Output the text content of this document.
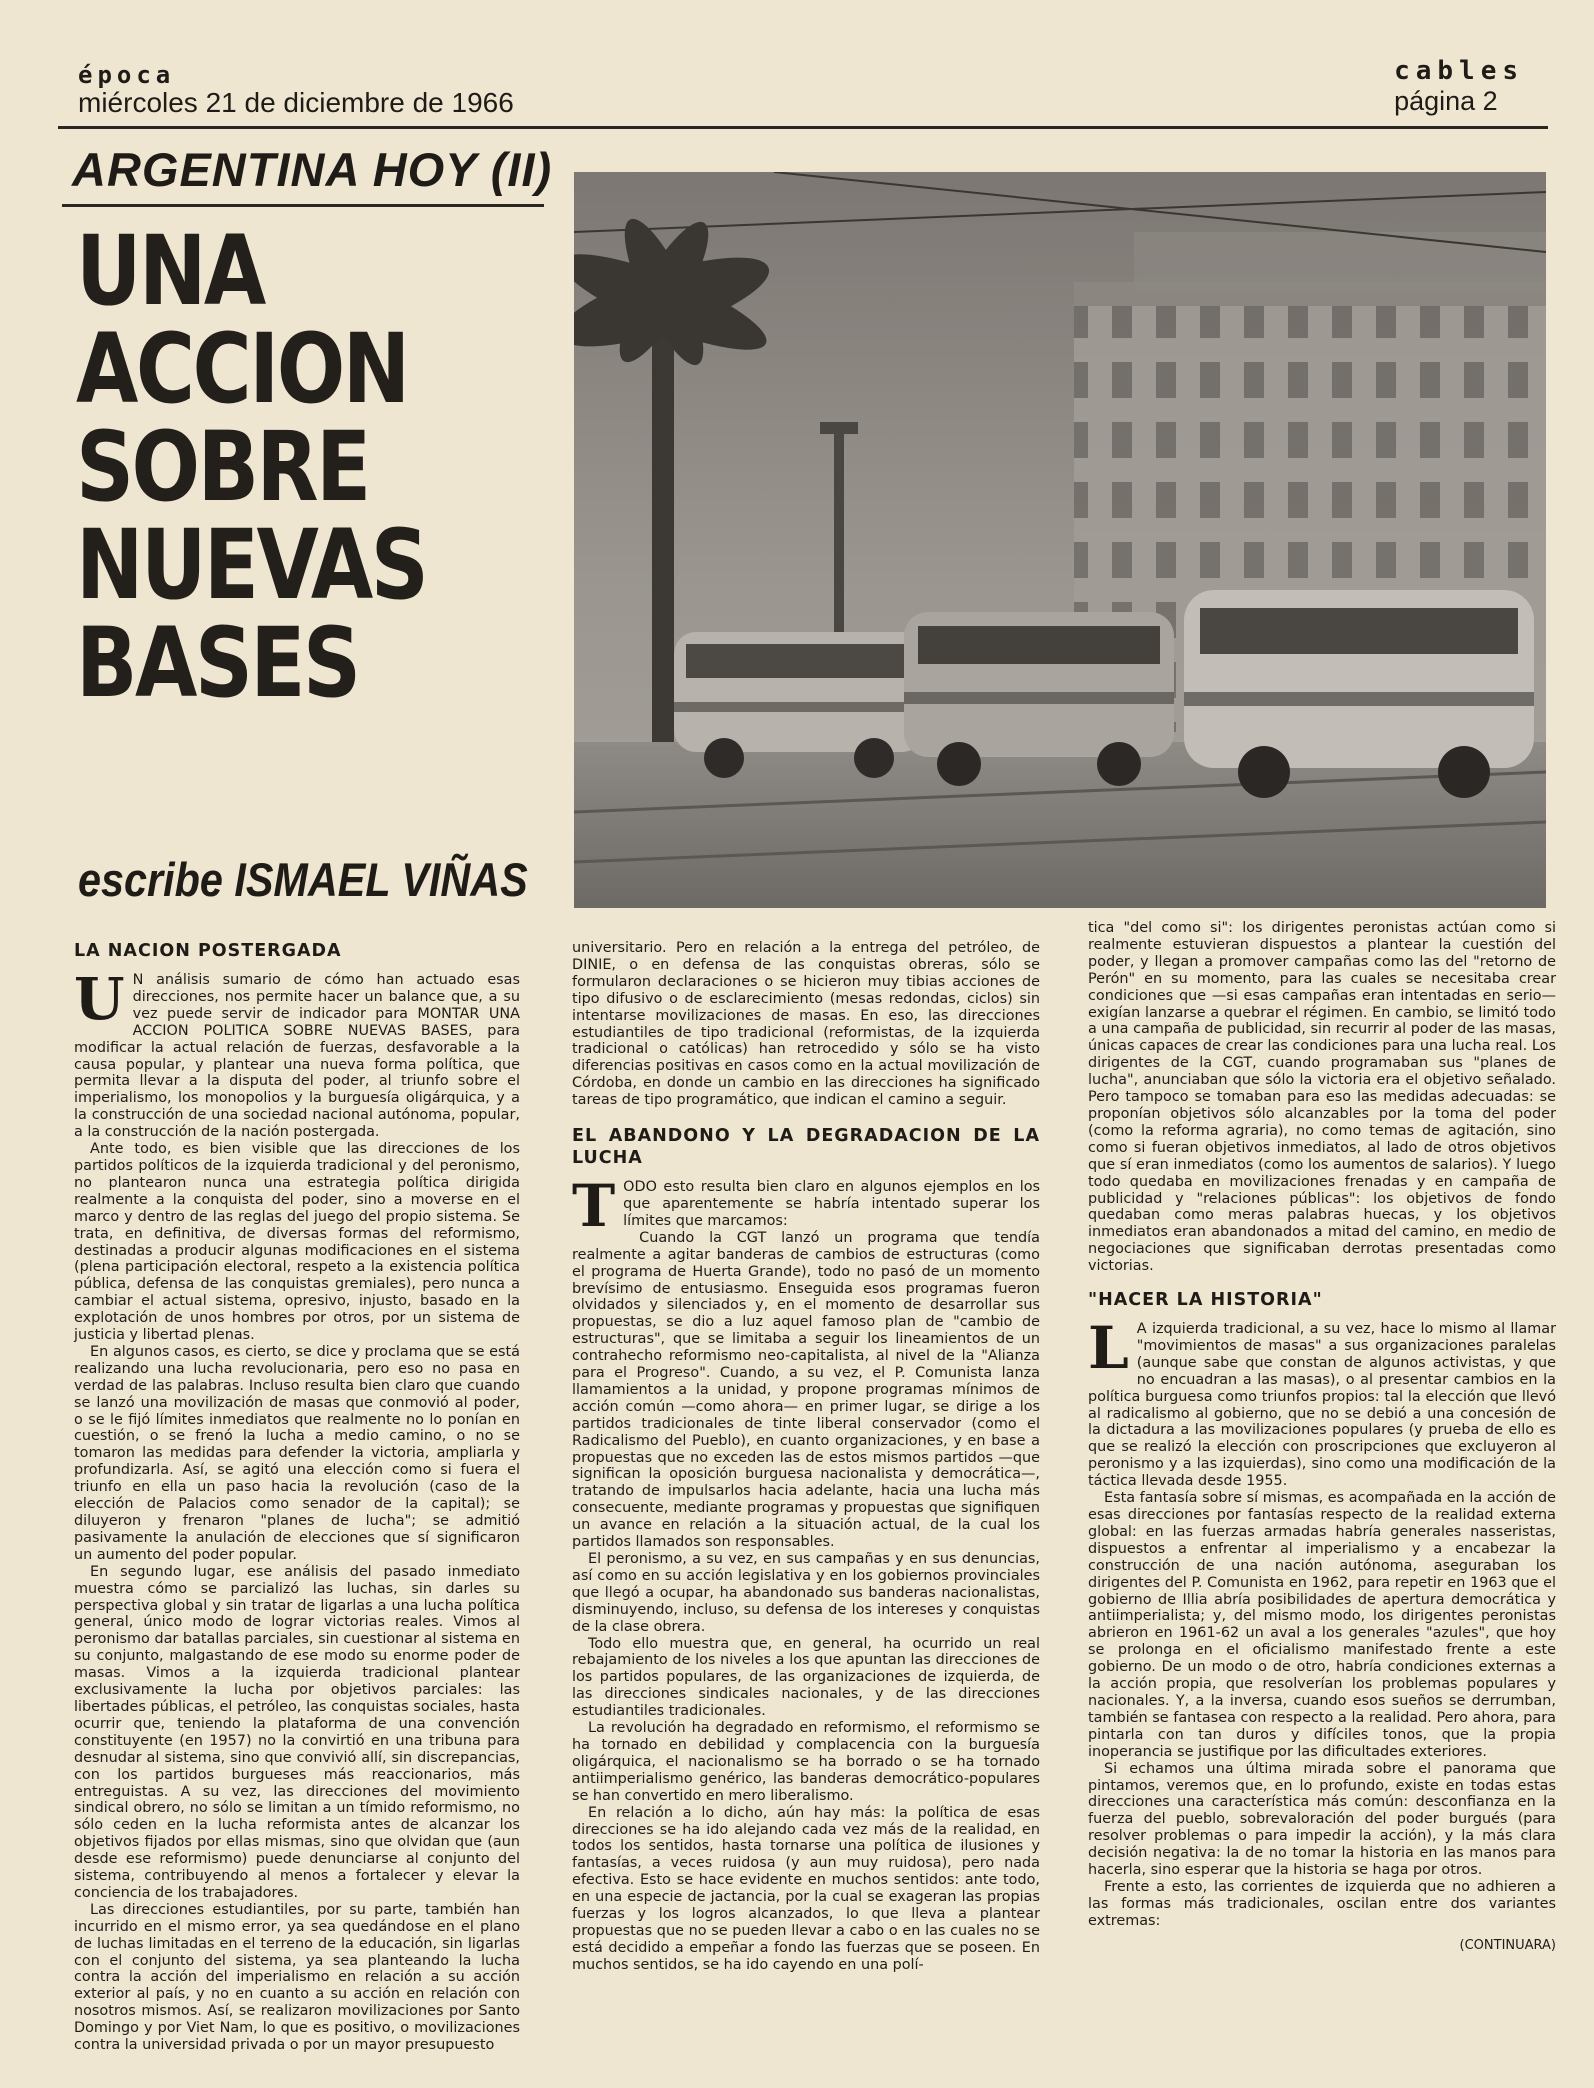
época
miércoles 21 de diciembre de 1966
cables
página 2
ARGENTINA HOY (II)
UNA
ACCION
SOBRE
NUEVAS
BASES
escribe ISMAEL VIÑAS
LA NACION POSTERGADA

U N análisis sumario de cómo han actuado esas direcciones, nos permite hacer un balance que, a su vez puede servir de indicador para MONTAR UNA ACCION POLITICA SOBRE NUEVAS BASES, para modificar la actual relación de fuerzas, desfavorable a la causa popular, y plantear una nueva forma política, que permita llevar a la disputa del poder, al triunfo sobre el imperialismo, los monopolios y la burguesía oligárquica, y a la construcción de una sociedad nacional autónoma, popular, a la construcción de la nación postergada.

Ante todo, es bien visible que las direcciones de los partidos políticos de la izquierda tradicional y del peronismo, no plantearon nunca una estrategia política dirigida realmente a la conquista del poder, sino a moverse en el marco y dentro de las reglas del juego del propio sistema. Se trata, en definitiva, de diversas formas del reformismo, destinadas a producir algunas modificaciones en el sistema (plena participación electoral, respeto a la existencia política pública, defensa de las conquistas gremiales), pero nunca a cambiar el actual sistema, opresivo, injusto, basado en la explotación de unos hombres por otros, por un sistema de justicia y libertad plenas.

En algunos casos, es cierto, se dice y proclama que se está realizando una lucha revolucionaria, pero eso no pasa en verdad de las palabras. Incluso resulta bien claro que cuando se lanzó una movilización de masas que conmovió al poder, o se le fijó límites inmediatos que realmente no lo ponían en cuestión, o se frenó la lucha a medio camino, o no se tomaron las medidas para defender la victoria, ampliarla y profundizarla. Así, se agitó una elección como si fuera el triunfo en ella un paso hacia la revolución (caso de la elección de Palacios como senador de la capital); se diluyeron y frenaron "planes de lucha"; se admitió pasivamente la anulación de elecciones que sí significaron un aumento del poder popular.

En segundo lugar, ese análisis del pasado inmediato muestra cómo se parcializó las luchas, sin darles su perspectiva global y sin tratar de ligarlas a una lucha política general, único modo de lograr victorias reales. Vimos al peronismo dar batallas parciales, sin cuestionar al sistema en su conjunto, malgastando de ese modo su enorme poder de masas. Vimos a la izquierda tradicional plantear exclusivamente la lucha por objetivos parciales: las libertades públicas, el petróleo, las conquistas sociales, hasta ocurrir que, teniendo la plataforma de una convención constituyente (en 1957) no la convirtió en una tribuna para desnudar al sistema, sino que convivió allí, sin discrepancias, con los partidos burgueses más reaccionarios, más entreguistas. A su vez, las direcciones del movimiento sindical obrero, no sólo se limitan a un tímido reformismo, no sólo ceden en la lucha reformista antes de alcanzar los objetivos fijados por ellas mismas, sino que olvidan que (aun desde ese reformismo) puede denunciarse al conjunto del sistema, contribuyendo al menos a fortalecer y elevar la conciencia de los trabajadores.

Las direcciones estudiantiles, por su parte, también han incurrido en el mismo error, ya sea quedándose en el plano de luchas limitadas en el terreno de la educación, sin ligarlas con el conjunto del sistema, ya sea planteando la lucha contra la acción del imperialismo en relación a su acción exterior al país, y no en cuanto a su acción en relación con nosotros mismos. Así, se realizaron movilizaciones por Santo Domingo y por Viet Nam, lo que es positivo, o movilizaciones contra la universidad privada o por un mayor presupuesto

universitario. Pero en relación a la entrega del petróleo, de DINIE, o en defensa de las conquistas obreras, sólo se formularon declaraciones o se hicieron muy tibias acciones de tipo difusivo o de esclarecimiento (mesas redondas, ciclos) sin intentarse movilizaciones de masas. En eso, las direcciones estudiantiles de tipo tradicional (reformistas, de la izquierda tradicional o católicas) han retrocedido y sólo se ha visto diferencias positivas en casos como en la actual movilización de Córdoba, en donde un cambio en las direcciones ha significado tareas de tipo programático, que indican el camino a seguir.

EL ABANDONO Y LA DEGRADACION DE LA LUCHA

TODO esto resulta bien claro en algunos ejemplos en los que aparentemente se habría intentado superar los límites que marcamos:

Cuando la CGT lanzó un programa que tendía realmente a agitar banderas de cambios de estructuras (como el programa de Huerta Grande), todo no pasó de un momento brevísimo de entusiasmo. Enseguida esos programas fueron olvidados y silenciados y, en el momento de desarrollar sus propuestas, se dio a luz aquel famoso plan de "cambio de estructuras", que se limitaba a seguir los lineamientos de un contrahecho reformismo neo-capitalista, al nivel de la "Alianza para el Progreso". Cuando, a su vez, el P. Comunista lanza llamamientos a la unidad, y propone programas mínimos de acción común —como ahora— en primer lugar, se dirige a los partidos tradicionales de tinte liberal conservador (como el Radicalismo del Pueblo), en cuanto organizaciones, y en base a propuestas que no exceden las de estos mismos partidos —que significan la oposición burguesa nacionalista y democrática—, tratando de impulsarlos hacia adelante, hacia una lucha más consecuente, mediante programas y propuestas que signifiquen un avance en relación a la situación actual, de la cual los partidos llamados son responsables.

El peronismo, a su vez, en sus campañas y en sus denuncias, así como en su acción legislativa y en los gobiernos provinciales que llegó a ocupar, ha abandonado sus banderas nacionalistas, disminuyendo, incluso, su defensa de los intereses y conquistas de la clase obrera.

Todo ello muestra que, en general, ha ocurrido un real rebajamiento de los niveles a los que apuntan las direcciones de los partidos populares, de las organizaciones de izquierda, de las direcciones sindicales nacionales, y de las direcciones estudiantiles tradicionales.

La revolución ha degradado en reformismo, el reformismo se ha tornado en debilidad y complacencia con la burguesía oligárquica, el nacionalismo se ha borrado o se ha tornado antiimperialismo genérico, las banderas democrático-populares se han convertido en mero liberalismo.

En relación a lo dicho, aún hay más: la política de esas direcciones se ha ido alejando cada vez más de la realidad, en todos los sentidos, hasta tornarse una política de ilusiones y fantasías, a veces ruidosa (y aun muy ruidosa), pero nada efectiva. Esto se hace evidente en muchos sentidos: ante todo, en una especie de jactancia, por la cual se exageran las propias fuerzas y los logros alcanzados, lo que lleva a plantear propuestas que no se pueden llevar a cabo o en las cuales no se está decidido a empeñar a fondo las fuerzas que se poseen. En muchos sentidos, se ha ido cayendo en una polí-

tica "del como si": los dirigentes peronistas actúan como si realmente estuvieran dispuestos a plantear la cuestión del poder, y llegan a promover campañas como las del "retorno de Perón" en su momento, para las cuales se necesitaba crear condiciones que —si esas campañas eran intentadas en serio— exigían lanzarse a quebrar el régimen. En cambio, se limitó todo a una campaña de publicidad, sin recurrir al poder de las masas, únicas capaces de crear las condiciones para una lucha real. Los dirigentes de la CGT, cuando programaban sus "planes de lucha", anunciaban que sólo la victoria era el objetivo señalado. Pero tampoco se tomaban para eso las medidas adecuadas: se proponían objetivos sólo alcanzables por la toma del poder (como la reforma agraria), no como temas de agitación, sino como si fueran objetivos inmediatos, al lado de otros objetivos que sí eran inmediatos (como los aumentos de salarios). Y luego todo quedaba en movilizaciones frenadas y en campaña de publicidad y "relaciones públicas": los objetivos de fondo quedaban como meras palabras huecas, y los objetivos inmediatos eran abandonados a mitad del camino, en medio de negociaciones que significaban derrotas presentadas como victorias.

"HACER LA HISTORIA"

L A izquierda tradicional, a su vez, hace lo mismo al llamar "movimientos de masas" a sus organizaciones paralelas (aunque sabe que constan de algunos activistas, y que no encuadran a las masas), o al presentar cambios en la política burguesa como triunfos propios: tal la elección que llevó al radicalismo al gobierno, que no se debió a una concesión de la dictadura a las movilizaciones populares (y prueba de ello es que se realizó la elección con proscripciones que excluyeron al peronismo y a las izquierdas), sino como una modificación de la táctica llevada desde 1955.

Esta fantasía sobre sí mismas, es acompañada en la acción de esas direcciones por fantasías respecto de la realidad externa global: en las fuerzas armadas habría generales nasseristas, dispuestos a enfrentar al imperialismo y a encabezar la construcción de una nación autónoma, aseguraban los dirigentes del P. Comunista en 1962, para repetir en 1963 que el gobierno de Illia abría posibilidades de apertura democrática y antiimperialista; y, del mismo modo, los dirigentes peronistas abrieron en 1961-62 un aval a los generales "azules", que hoy se prolonga en el oficialismo manifestado frente a este gobierno. De un modo o de otro, habría condiciones externas a la acción propia, que resolverían los problemas populares y nacionales. Y, a la inversa, cuando esos sueños se derrumban, también se fantasea con respecto a la realidad. Pero ahora, para pintarla con tan duros y difíciles tonos, que la propia inoperancia se justifique por las dificultades exteriores.

Si echamos una última mirada sobre el panorama que pintamos, veremos que, en lo profundo, existe en todas estas direcciones una característica más común: desconfianza en la fuerza del pueblo, sobrevaloración del poder burgués (para resolver problemas o para impedir la acción), y la más clara decisión negativa: la de no tomar la historia en las manos para hacerla, sino esperar que la historia se haga por otros.

Frente a esto, las corrientes de izquierda que no adhieren a las formas más tradicionales, oscilan entre dos variantes extremas:

(CONTINUARA)
